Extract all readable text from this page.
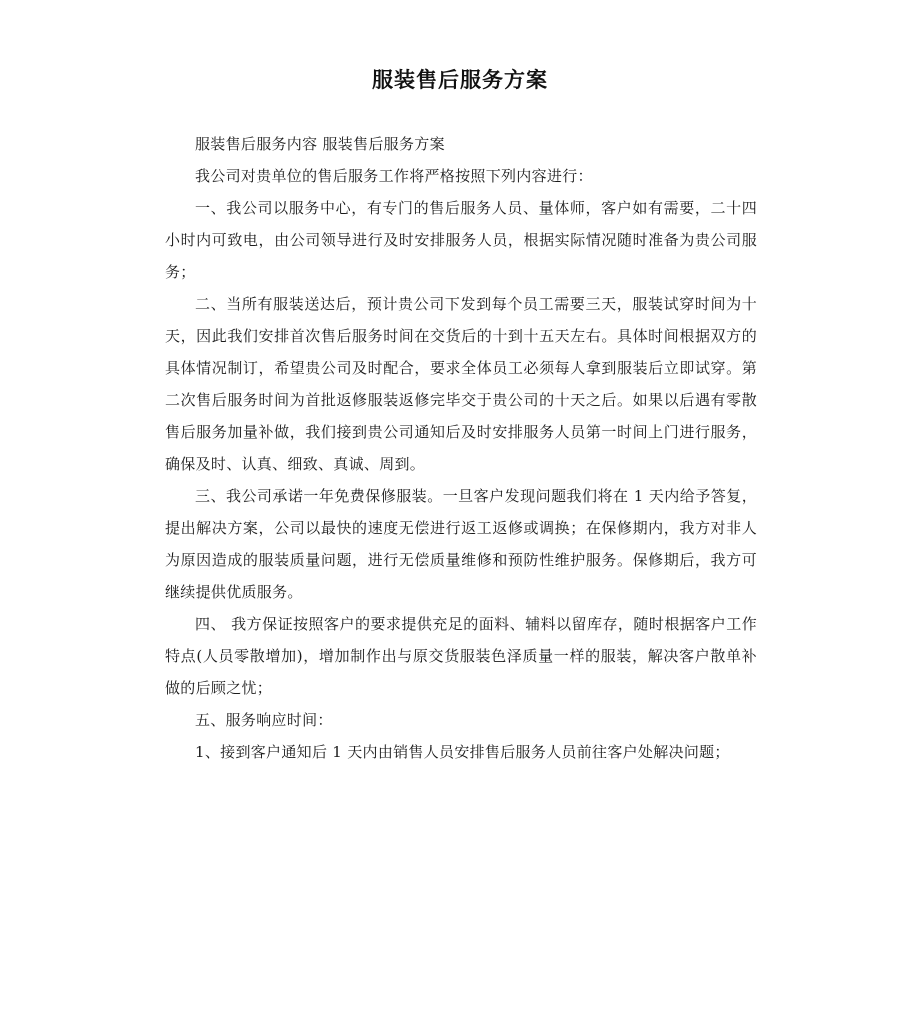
服装售后服务方案

服装售后服务内容 服装售后服务方案

我公司对贵单位的售后服务工作将严格按照下列内容进行：

一、我公司以服务中心，有专门的售后服务人员、量体师，客户如有需要，二十四小时内可致电，由公司领导进行及时安排服务人员，根据实际情况随时准备为贵公司服务；

二、当所有服装送达后，预计贵公司下发到每个员工需要三天，服装试穿时间为十天，因此我们安排首次售后服务时间在交货后的十到十五天左右。具体时间根据双方的具体情况制订，希望贵公司及时配合，要求全体员工必须每人拿到服装后立即试穿。第二次售后服务时间为首批返修服装返修完毕交于贵公司的十天之后。如果以后遇有零散售后服务加量补做，我们接到贵公司通知后及时安排服务人员第一时间上门进行服务，确保及时、认真、细致、真诚、周到。

三、我公司承诺一年免费保修服装。一旦客户发现问题我们将在 1 天内给予答复，提出解决方案，公司以最快的速度无偿进行返工返修或调换；在保修期内，我方对非人为原因造成的服装质量问题，进行无偿质量维修和预防性维护服务。保修期后，我方可继续提供优质服务。

四、 我方保证按照客户的要求提供充足的面料、辅料以留库存，随时根据客户工作特点(人员零散增加)，增加制作出与原交货服装色泽质量一样的服装，解决客户散单补做的后顾之忧；

五、服务响应时间：

1、接到客户通知后 1 天内由销售人员安排售后服务人员前往客户处解决问题；
